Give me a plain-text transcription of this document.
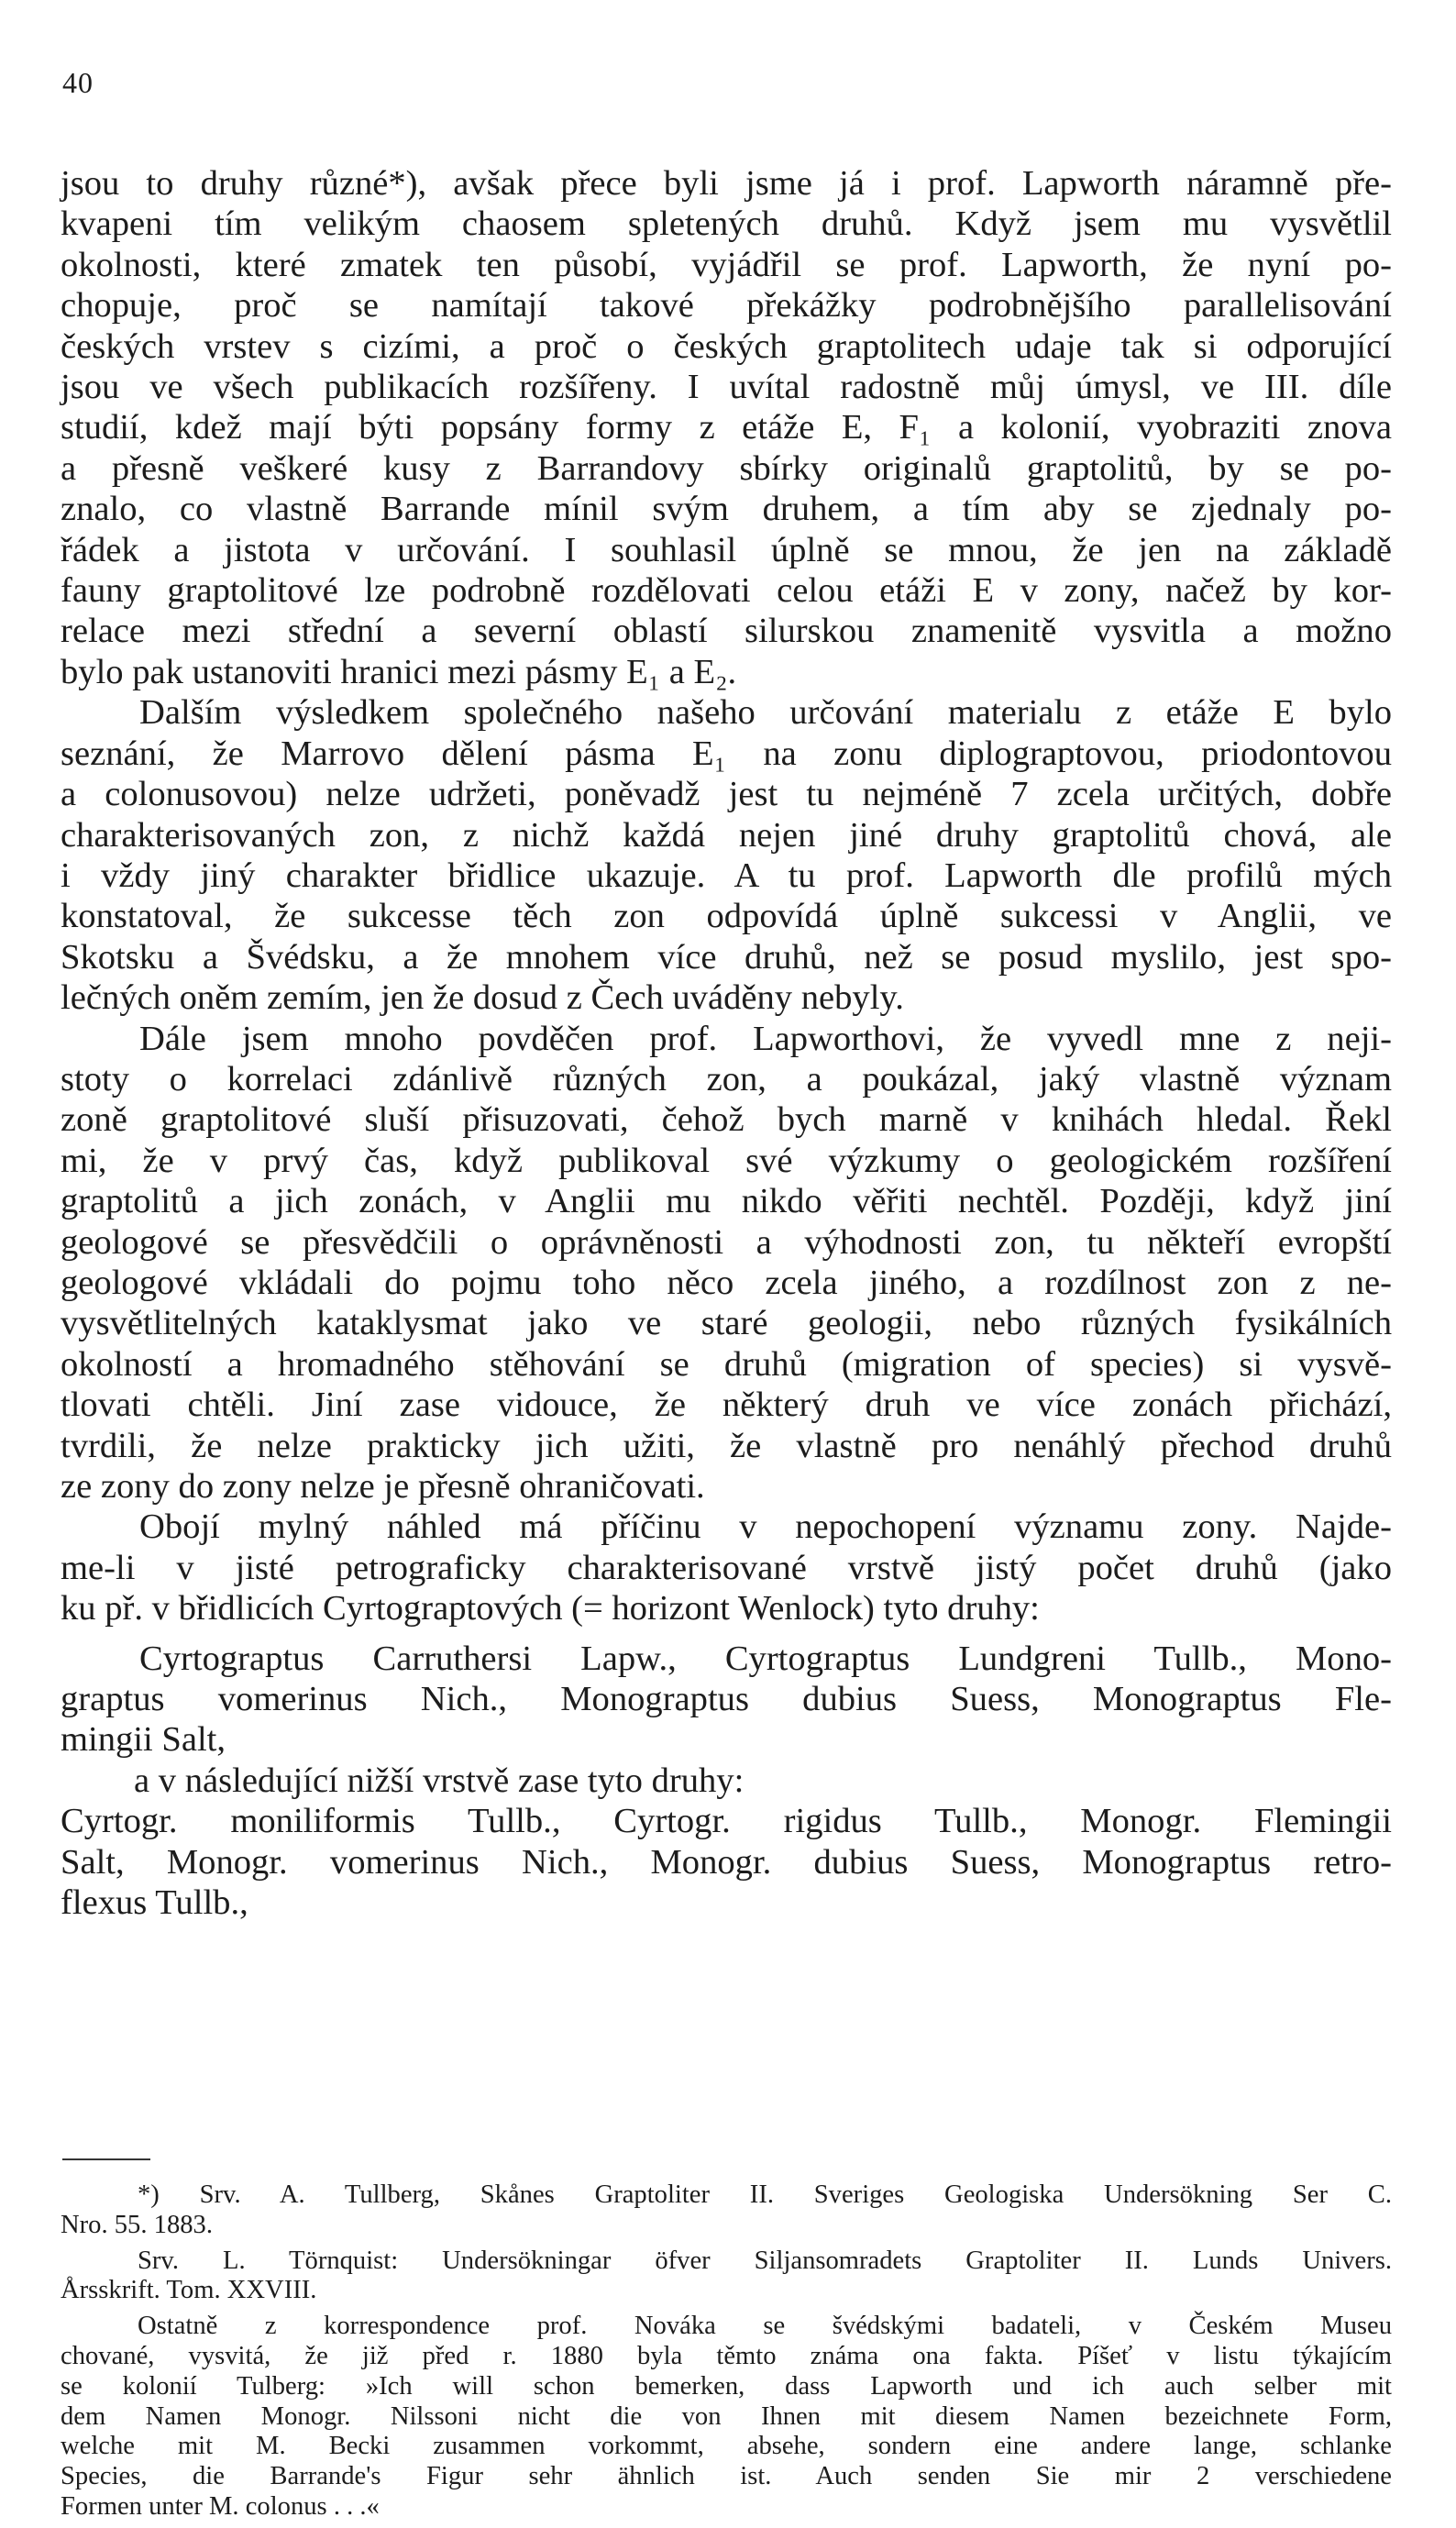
40
jsou to druhy různé*), avšak přece byli jsme já i prof. Lapworth náramně pře-
kvapeni tím velikým chaosem spletených druhů. Když jsem mu vysvětlil
okolnosti, které zmatek ten působí, vyjádřil se prof. Lapworth, že nyní po-
chopuje, proč se namítají takové překážky podrobnějšího parallelisování
českých vrstev s cizími, a proč o českých graptolitech udaje tak si odporující
jsou ve všech publikacích rozšířeny. I uvítal radostně můj úmysl, ve III. díle
studií, kdež mají býti popsány formy z etáže E, F₁ a kolonií, vyobraziti znova
a přesně veškeré kusy z Barrandovy sbírky originalů graptolitů, by se po-
znalo, co vlastně Barrande mínil svým druhem, a tím aby se zjednaly po-
řádek a jistota v určování. I souhlasil úplně se mnou, že jen na základě
fauny graptolitové lze podrobně rozdělovati celou etáži E v zony, načež by kor-
relace mezi střední a severní oblastí silurskou znamenitě vysvitla a možno
bylo pak ustanoviti hranici mezi pásmy E₁ a E₂.
Dalším výsledkem společného našeho určování materialu z etáže E bylo
seznání, že Marrovo dělení pásma E₁ na zonu diplograptovou, priodontovou
a colonusovou) nelze udržeti, poněvadž jest tu nejméně 7 zcela určitých, dobře
charakterisovaných zon, z nichž každá nejen jiné druhy graptolitů chová, ale
i vždy jiný charakter břidlice ukazuje. A tu prof. Lapworth dle profilů mých
konstatoval, že sukcesse těch zon odpovídá úplně sukcessi v Anglii, ve
Skotsku a Švédsku, a že mnohem více druhů, než se posud myslilo, jest spo-
lečných oněm zemím, jen že dosud z Čech uváděny nebyly.
Dále jsem mnoho povděčen prof. Lapworthovi, že vyvedl mne z neji-
stoty o korrelaci zdánlivě různých zon, a poukázal, jaký vlastně význam
zoně graptolitové sluší přisuzovati, čehož bych marně v knihách hledal. Řekl
mi, že v prvý čas, když publikoval své výzkumy o geologickém rozšíření
graptolitů a jich zonách, v Anglii mu nikdo věřiti nechtěl. Později, když jiní
geologové se přesvědčili o oprávněnosti a výhodnosti zon, tu někteří evropští
geologové vkládali do pojmu toho něco zcela jiného, a rozdílnost zon z ne-
vysvětlitelných kataklysmat jako ve staré geologii, nebo různých fysikálních
okolností a hromadného stěhování se druhů (migration of species) si vysvě-
tlovati chtěli. Jiní zase vidouce, že některý druh ve více zonách přichází,
tvrdili, že nelze prakticky jich užiti, že vlastně pro nenáhlý přechod druhů
ze zony do zony nelze je přesně ohraničovati.
Obojí mylný náhled má příčinu v nepochopení významu zony. Najde-
me-li v jisté petrograficky charakterisované vrstvě jistý počet druhů (jako
ku př. v břidlicích Cyrtograptových (= horizont Wenlock) tyto druhy:
Cyrtograptus Carruthersi Lapw., Cyrtograptus Lundgreni Tullb., Mono-
graptus vomerinus Nich., Monograptus dubius Suess, Monograptus Fle-
mingii Salt,
a v následující nižší vrstvě zase tyto druhy:
Cyrtogr. moniliformis Tullb., Cyrtogr. rigidus Tullb., Monogr. Flemingii
Salt, Monogr. vomerinus Nich., Monogr. dubius Suess, Monograptus retro-
flexus Tullb.,
*) Srv. A. Tullberg, Skånes Graptoliter II. Sveriges Geologiska Undersökning Ser C.
Nro. 55. 1883.
Srv. L. Törnquist: Undersökningar öfver Siljansomradets Graptoliter II. Lunds Univers.
Årsskrift. Tom. XXVIII.
Ostatně z korrespondence prof. Nováka se švédskými badateli, v Českém Museu
chované, vysvitá, že již před r. 1880 byla těmto známa ona fakta. Píšeť v listu týkajícím
se kolonií Tulberg: »Ich will schon bemerken, dass Lapworth und ich auch selber mit
dem Namen Monogr. Nilssoni nicht die von Ihnen mit diesem Namen bezeichnete Form,
welche mit M. Becki zusammen vorkommt, absehe, sondern eine andere lange, schlanke
Species, die Barrande's Figur sehr ähnlich ist. Auch senden Sie mir 2 verschiedene
Formen unter M. colonus . . .«
